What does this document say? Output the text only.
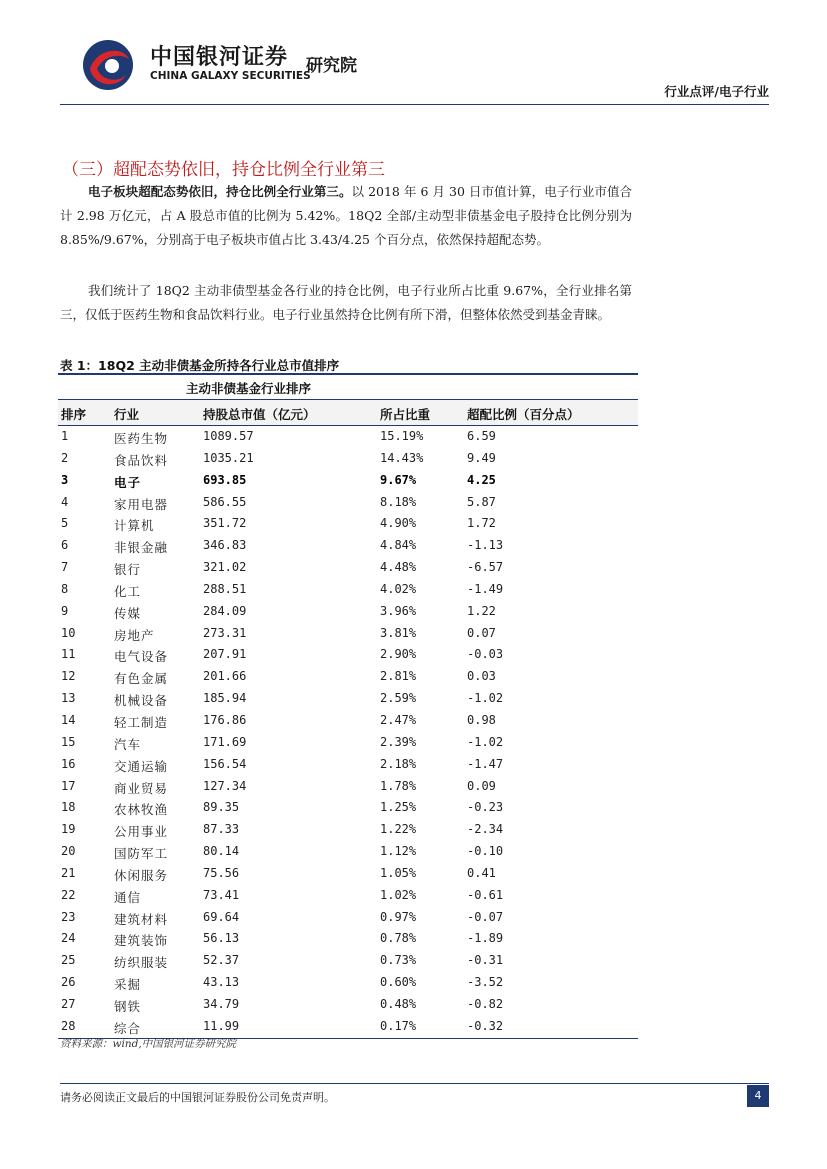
中国银河证券
CHINA GALAXY SECURITIES
研究院
行业点评/电子行业
（三）超配态势依旧，持仓比例全行业第三
电子板块超配态势依旧，持仓比例全行业第三。以 2018 年 6 月 30 日市值计算，电子行业市值合计 2.98 万亿元，占 A 股总市值的比例为 5.42%。18Q2 全部/主动型非债基金电子股持仓比例分别为 8.85%/9.67%，分别高于电子板块市值占比 3.43/4.25 个百分点，依然保持超配态势。
我们统计了 18Q2 主动非债型基金各行业的持仓比例，电子行业所占比重 9.67%，全行业排名第三，仅低于医药生物和食品饮料行业。电子行业虽然持仓比例有所下滑，但整体依然受到基金青睐。
表 1：18Q2 主动非债基金所持各行业总市值排序
主动非债基金行业排序
排序 行业	持股总市值（亿元）	所占比重	超配比例（百分点）
1	医药生物	1089.57	15.19%	6.59
2	食品饮料	1035.21	14.43%	9.49
3	电子	693.85	9.67%	4.25
4	家用电器	586.55	8.18%	5.87
5	计算机	351.72	4.90%	1.72
6	非银金融	346.83	4.84%	-1.13
7	银行	321.02	4.48%	-6.57
8	化工	288.51	4.02%	-1.49
9	传媒	284.09	3.96%	1.22
10	房地产	273.31	3.81%	0.07
11	电气设备	207.91	2.90%	-0.03
12	有色金属	201.66	2.81%	0.03
13	机械设备	185.94	2.59%	-1.02
14	轻工制造	176.86	2.47%	0.98
15	汽车	171.69	2.39%	-1.02
16	交通运输	156.54	2.18%	-1.47
17	商业贸易	127.34	1.78%	0.09
18	农林牧渔	89.35	1.25%	-0.23
19	公用事业	87.33	1.22%	-2.34
20	国防军工	80.14	1.12%	-0.10
21	休闲服务	75.56	1.05%	0.41
22	通信	73.41	1.02%	-0.61
23	建筑材料	69.64	0.97%	-0.07
24	建筑装饰	56.13	0.78%	-1.89
25	纺织服装	52.37	0.73%	-0.31
26	采掘	43.13	0.60%	-3.52
27	钢铁	34.79	0.48%	-0.82
28	综合	11.99	0.17%	-0.32
资料来源：wind,中国银河证券研究院
请务必阅读正文最后的中国银河证券股份公司免责声明。	4
